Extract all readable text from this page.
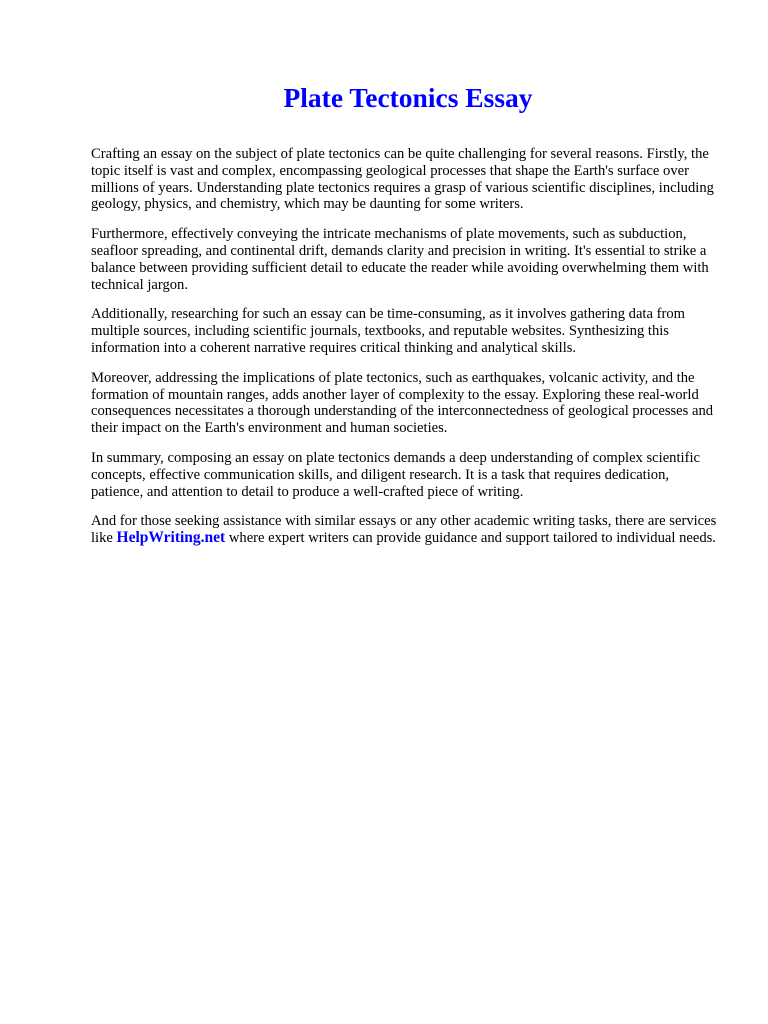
Plate Tectonics Essay

Crafting an essay on the subject of plate tectonics can be quite challenging for several reasons. Firstly, the topic itself is vast and complex, encompassing geological processes that shape the Earth's surface over millions of years. Understanding plate tectonics requires a grasp of various scientific disciplines, including geology, physics, and chemistry, which may be daunting for some writers.

Furthermore, effectively conveying the intricate mechanisms of plate movements, such as subduction, seafloor spreading, and continental drift, demands clarity and precision in writing. It's essential to strike a balance between providing sufficient detail to educate the reader while avoiding overwhelming them with technical jargon.

Additionally, researching for such an essay can be time-consuming, as it involves gathering data from multiple sources, including scientific journals, textbooks, and reputable websites. Synthesizing this information into a coherent narrative requires critical thinking and analytical skills.

Moreover, addressing the implications of plate tectonics, such as earthquakes, volcanic activity, and the formation of mountain ranges, adds another layer of complexity to the essay. Exploring these real-world consequences necessitates a thorough understanding of the interconnectedness of geological processes and their impact on the Earth's environment and human societies.

In summary, composing an essay on plate tectonics demands a deep understanding of complex scientific concepts, effective communication skills, and diligent research. It is a task that requires dedication, patience, and attention to detail to produce a well-crafted piece of writing.

And for those seeking assistance with similar essays or any other academic writing tasks, there are services like HelpWriting.net where expert writers can provide guidance and support tailored to individual needs.
